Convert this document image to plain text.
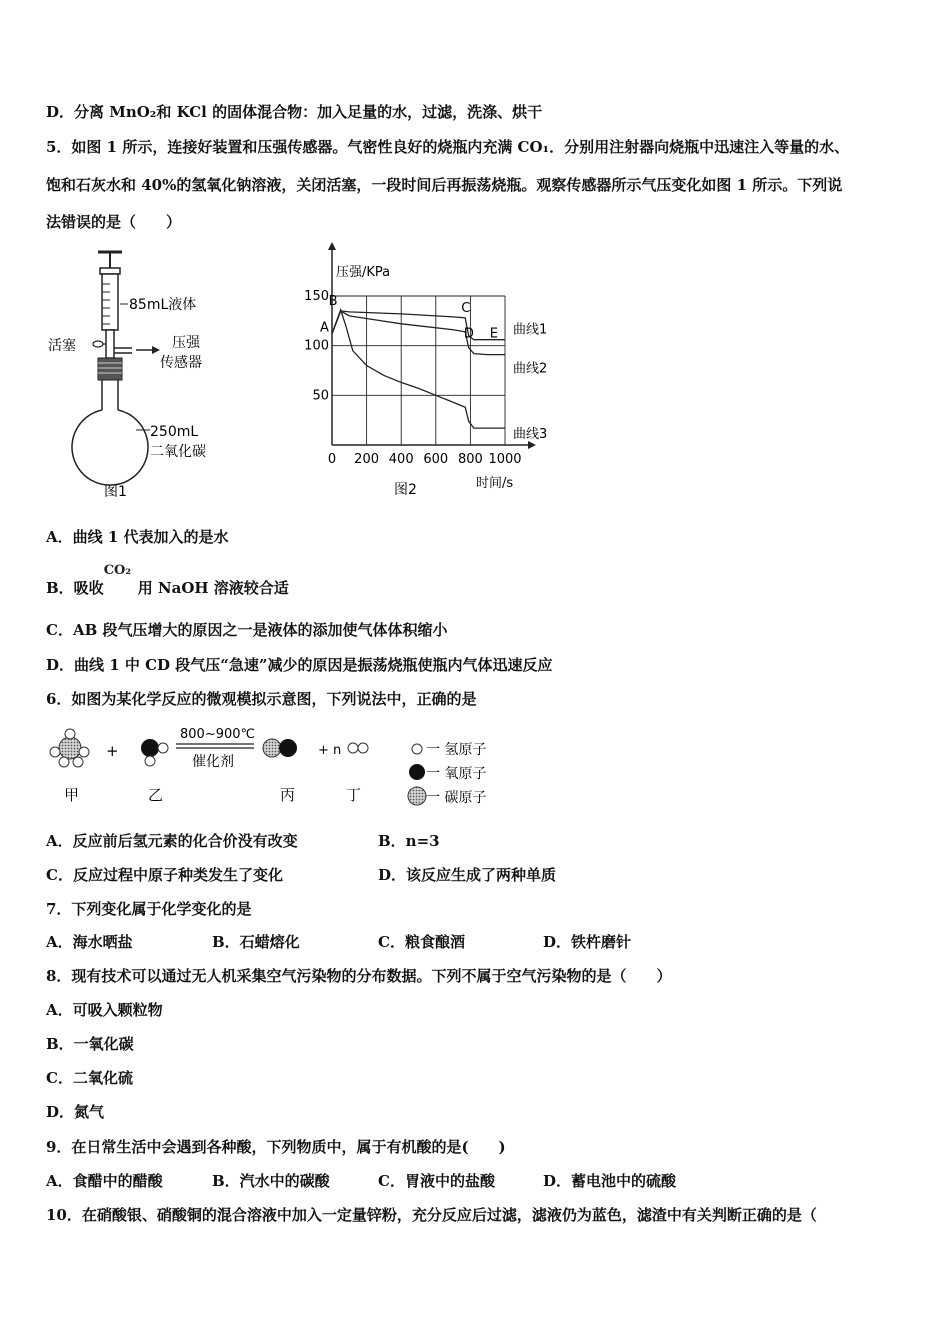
D．分离 MnO₂和 KCl 的固体混合物：加入足量的水，过滤，洗涤、烘干
5．如图 1 所示，连接好装置和压强传感器。气密性良好的烧瓶内充满 CO₁．分别用注射器向烧瓶中迅速注入等量的水、
饱和石灰水和 40%的氢氧化钠溶液，关闭活塞，一段时间后再振荡烧瓶。观察传感器所示气压变化如图 1 所示。下列说
法错误的是（　　）
85mL液体
活塞	压强
传感器
250mL
二氧化碳
图1
压强/KPa
时间/s
图2
0 200 400 600 800 1000
50
100
150
曲线1
曲线2
曲线3
A
B	C
D E
A．曲线 1 代表加入的是水
B．吸收
CO₂
用 NaOH 溶液较合适
C．AB 段气压增大的原因之一是液体的添加使气体体积缩小
D．曲线 1 中 CD 段气压“急速”减少的原因是振荡烧瓶使瓶内气体迅速反应
6．如图为某化学反应的微观模拟示意图，下列说法中，正确的是
+
800~900℃
催化剂
+ n
甲	乙	丙	丁
一 氢原子
一 氧原子
一 碳原子
A．反应前后氢元素的化合价没有改变	B．n=3
C．反应过程中原子种类发生了变化	D．该反应生成了两种单质
7．下列变化属于化学变化的是
A．海水晒盐	B．石蜡熔化	C．粮食酿酒	D．铁杵磨针
8．现有技术可以通过无人机采集空气污染物的分布数据。下列不属于空气污染物的是（　　）
A．可吸入颗粒物
B．一氧化碳
C．二氧化硫
D．氮气
9．在日常生活中会遇到各种酸，下列物质中，属于有机酸的是(　　)
A．食醋中的醋酸	B．汽水中的碳酸	C．胃液中的盐酸	D．蓄电池中的硫酸
10．在硝酸银、硝酸铜的混合溶液中加入一定量锌粉，充分反应后过滤，滤液仍为蓝色，滤渣中有关判断正确的是（
